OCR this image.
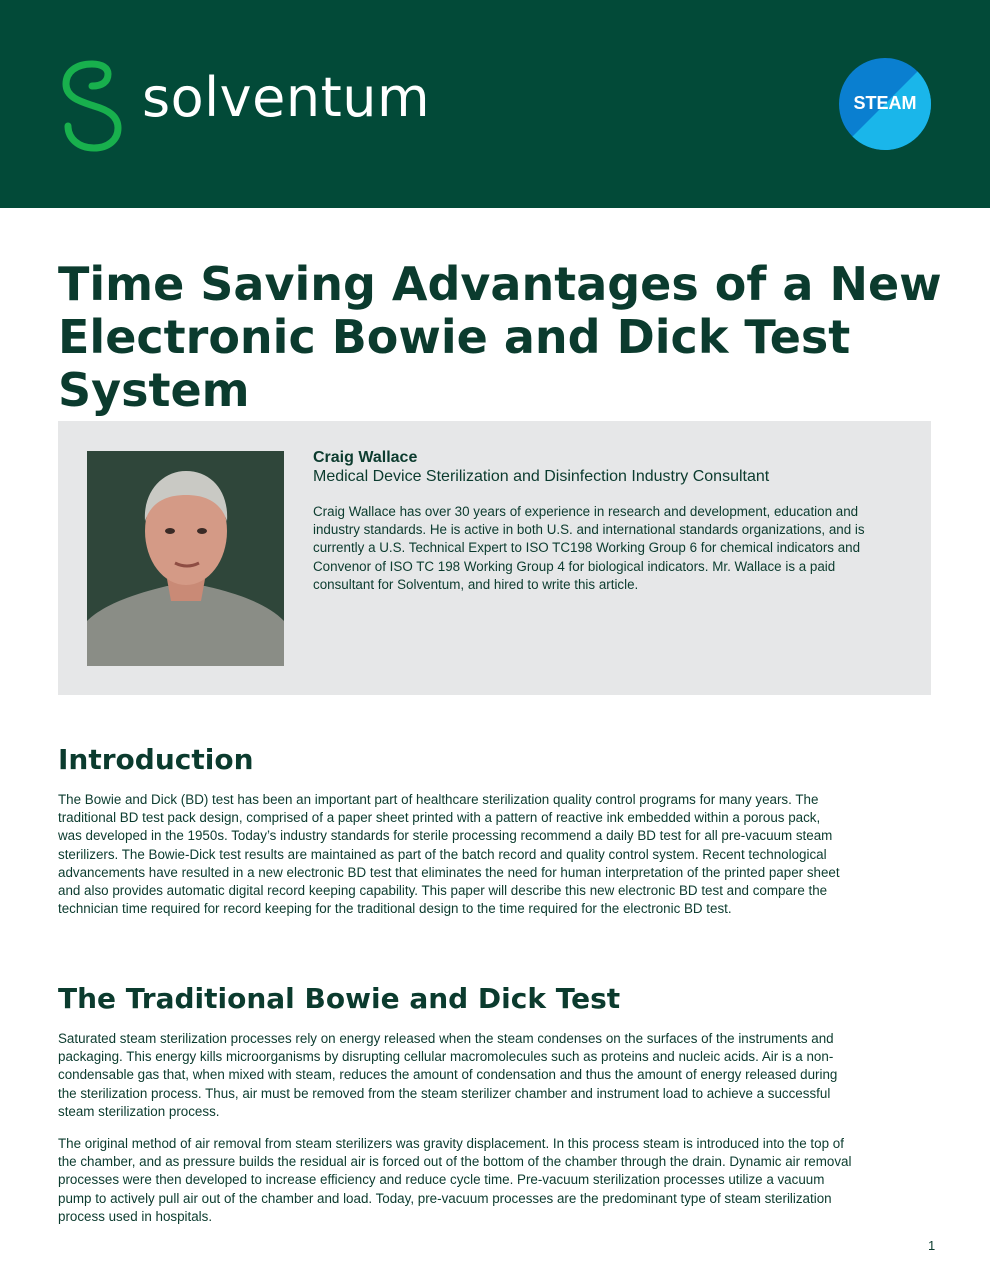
solventum	STEAM
Time Saving Advantages of a New
Electronic Bowie and Dick Test System
Craig Wallace
Medical Device Sterilization and Disinfection Industry Consultant
Craig Wallace has over 30 years of experience in research and development, education and
industry standards. He is active in both U.S. and international standards organizations, and is
currently a U.S. Technical Expert to ISO TC198 Working Group 6 for chemical indicators and
Convenor of ISO TC 198 Working Group 4 for biological indicators. Mr. Wallace is a paid
consultant for Solventum, and hired to write this article.
Introduction
The Bowie and Dick (BD) test has been an important part of healthcare sterilization quality control programs for many years. The
traditional BD test pack design, comprised of a paper sheet printed with a pattern of reactive ink embedded within a porous pack,
was developed in the 1950s. Today’s industry standards for sterile processing recommend a daily BD test for all pre-vacuum steam
sterilizers. The Bowie-Dick test results are maintained as part of the batch record and quality control system. Recent technological
advancements have resulted in a new electronic BD test that eliminates the need for human interpretation of the printed paper sheet
and also provides automatic digital record keeping capability. This paper will describe this new electronic BD test and compare the
technician time required for record keeping for the traditional design to the time required for the electronic BD test.
The Traditional Bowie and Dick Test
Saturated steam sterilization processes rely on energy released when the steam condenses on the surfaces of the instruments and
packaging. This energy kills microorganisms by disrupting cellular macromolecules such as proteins and nucleic acids. Air is a non-
condensable gas that, when mixed with steam, reduces the amount of condensation and thus the amount of energy released during
the sterilization process. Thus, air must be removed from the steam sterilizer chamber and instrument load to achieve a successful
steam sterilization process.
The original method of air removal from steam sterilizers was gravity displacement. In this process steam is introduced into the top of
the chamber, and as pressure builds the residual air is forced out of the bottom of the chamber through the drain. Dynamic air removal
processes were then developed to increase efficiency and reduce cycle time. Pre-vacuum sterilization processes utilize a vacuum
pump to actively pull air out of the chamber and load. Today, pre-vacuum processes are the predominant type of steam sterilization
process used in hospitals.
1
